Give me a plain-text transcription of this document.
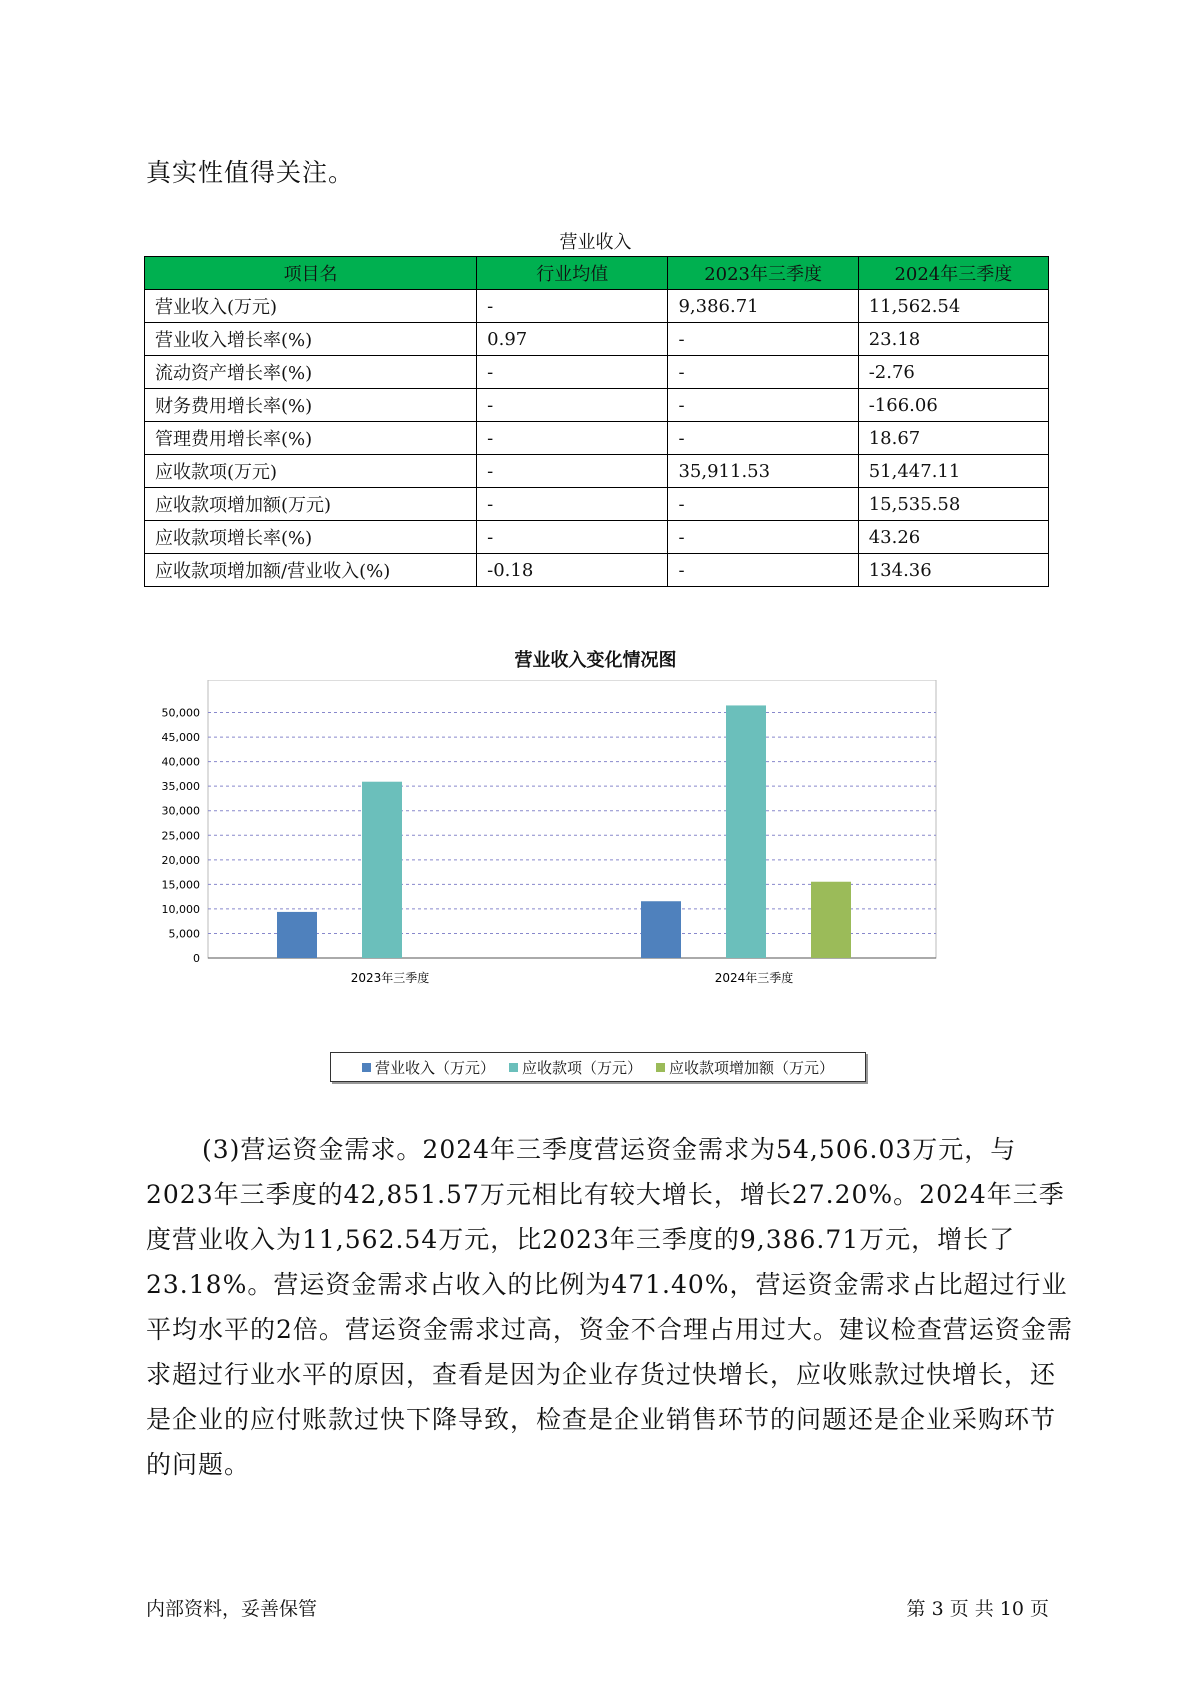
真实性值得关注。

营业收入
项目名	行业均值	2023年三季度	2024年三季度
营业收入(万元)	-	9,386.71	11,562.54
营业收入增长率(%)	0.97	-	23.18
流动资产增长率(%)	-	-	-2.76
财务费用增长率(%)	-	-	-166.06
管理费用增长率(%)	-	-	18.67
应收款项(万元)	-	35,911.53	51,447.11
应收款项增加额(万元)	-	-	15,535.58
应收款项增长率(%)	-	-	43.26
应收款项增加额/营业收入(%)	-0.18	-	134.36
营业收入变化情况图
0
5,000
10,000
15,000
20,000
25,000
30,000
35,000
40,000
45,000
50,000
2023年三季度	2024年三季度
营业收入（万元） 应收款项（万元） 应收款项增加额（万元）
(3)营运资金需求。2024年三季度营运资金需求为54,506.03万元，与2023年三季度的42,851.57万元相比有较大增长，增长27.20%。2024年三季度营业收入为11,562.54万元，比2023年三季度的9,386.71万元，增长了23.18%。营运资金需求占收入的比例为471.40%，营运资金需求占比超过行业平均水平的2倍。营运资金需求过高，资金不合理占用过大。建议检查营运资金需求超过行业水平的原因，查看是因为企业存货过快增长，应收账款过快增长，还是企业的应付账款过快下降导致，检查是企业销售环节的问题还是企业采购环节的问题。
内部资料，妥善保管	第 3 页 共 10 页
